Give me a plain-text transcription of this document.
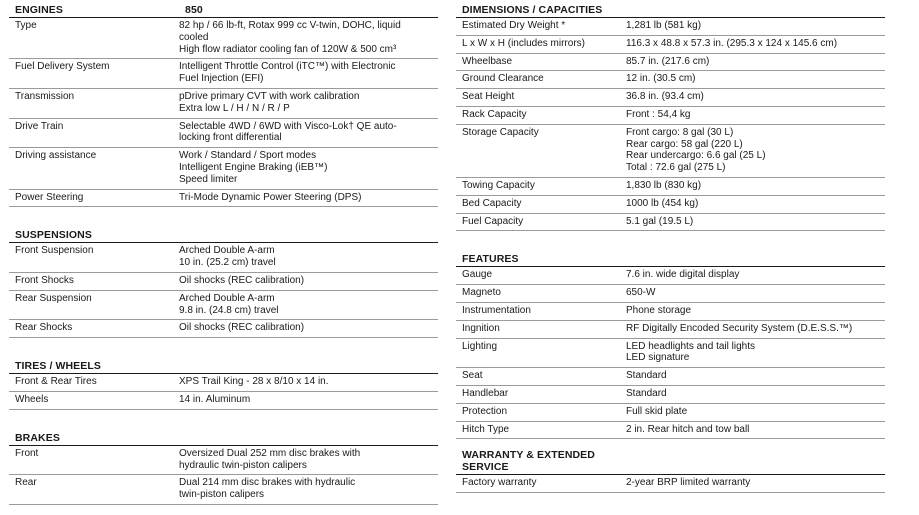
ENGINES	850
Type	82 hp / 66 lb-ft, Rotax 999 cc V-twin, DOHC, liquid
cooled
High flow radiator cooling fan of 120W & 500 cm³
Fuel Delivery System	Intelligent Throttle Control (iTC™) with Electronic
Fuel Injection (EFI)
Transmission	pDrive primary CVT with work calibration
Extra low L / H / N / R / P
Drive Train	Selectable 4WD / 6WD with Visco-Lok† QE auto-
locking front differential
Driving assistance	Work / Standard / Sport modes
Intelligent Engine Braking (iEB™)
Speed limiter
Power Steering	Tri-Mode Dynamic Power Steering (DPS)
SUSPENSIONS
Front Suspension	Arched Double A-arm
10 in. (25.2 cm) travel
Front Shocks	Oil shocks (REC calibration)
Rear Suspension	Arched Double A-arm
9.8 in. (24.8 cm) travel
Rear Shocks	Oil shocks (REC calibration)
TIRES / WHEELS
Front & Rear Tires	XPS Trail King - 28 x 8/10 x 14 in.
Wheels	14 in. Aluminum
BRAKES
Front	Oversized Dual 252 mm disc brakes with
hydraulic twin-piston calipers
Rear	Dual 214 mm disc brakes with hydraulic
twin-piston calipers
DIMENSIONS / CAPACITIES
Estimated Dry Weight *	1,281 lb (581 kg)
L x W x H (includes mirrors)	116.3 x 48.8 x 57.3 in. (295.3 x 124 x 145.6 cm)
Wheelbase	85.7 in. (217.6 cm)
Ground Clearance	12 in. (30.5 cm)
Seat Height	36.8 in. (93.4 cm)
Rack Capacity	Front : 54,4 kg
Storage Capacity	Front cargo: 8 gal (30 L)
Rear cargo: 58 gal (220 L)
Rear undercargo: 6.6 gal (25 L)
Total : 72.6 gal (275 L)
Towing Capacity	1,830 lb (830 kg)
Bed Capacity	1000 lb (454 kg)
Fuel Capacity	5.1 gal (19.5 L)
FEATURES
Gauge	7.6 in. wide digital display
Magneto	650-W
Instrumentation	Phone storage
Ingnition	RF Digitally Encoded Security System (D.E.S.S.™)
Lighting	LED headlights and tail lights
LED signature
Seat	Standard
Handlebar	Standard
Protection	Full skid plate
Hitch Type	2 in. Rear hitch and tow ball
WARRANTY & EXTENDED SERVICE
Factory warranty	2-year BRP limited warranty
